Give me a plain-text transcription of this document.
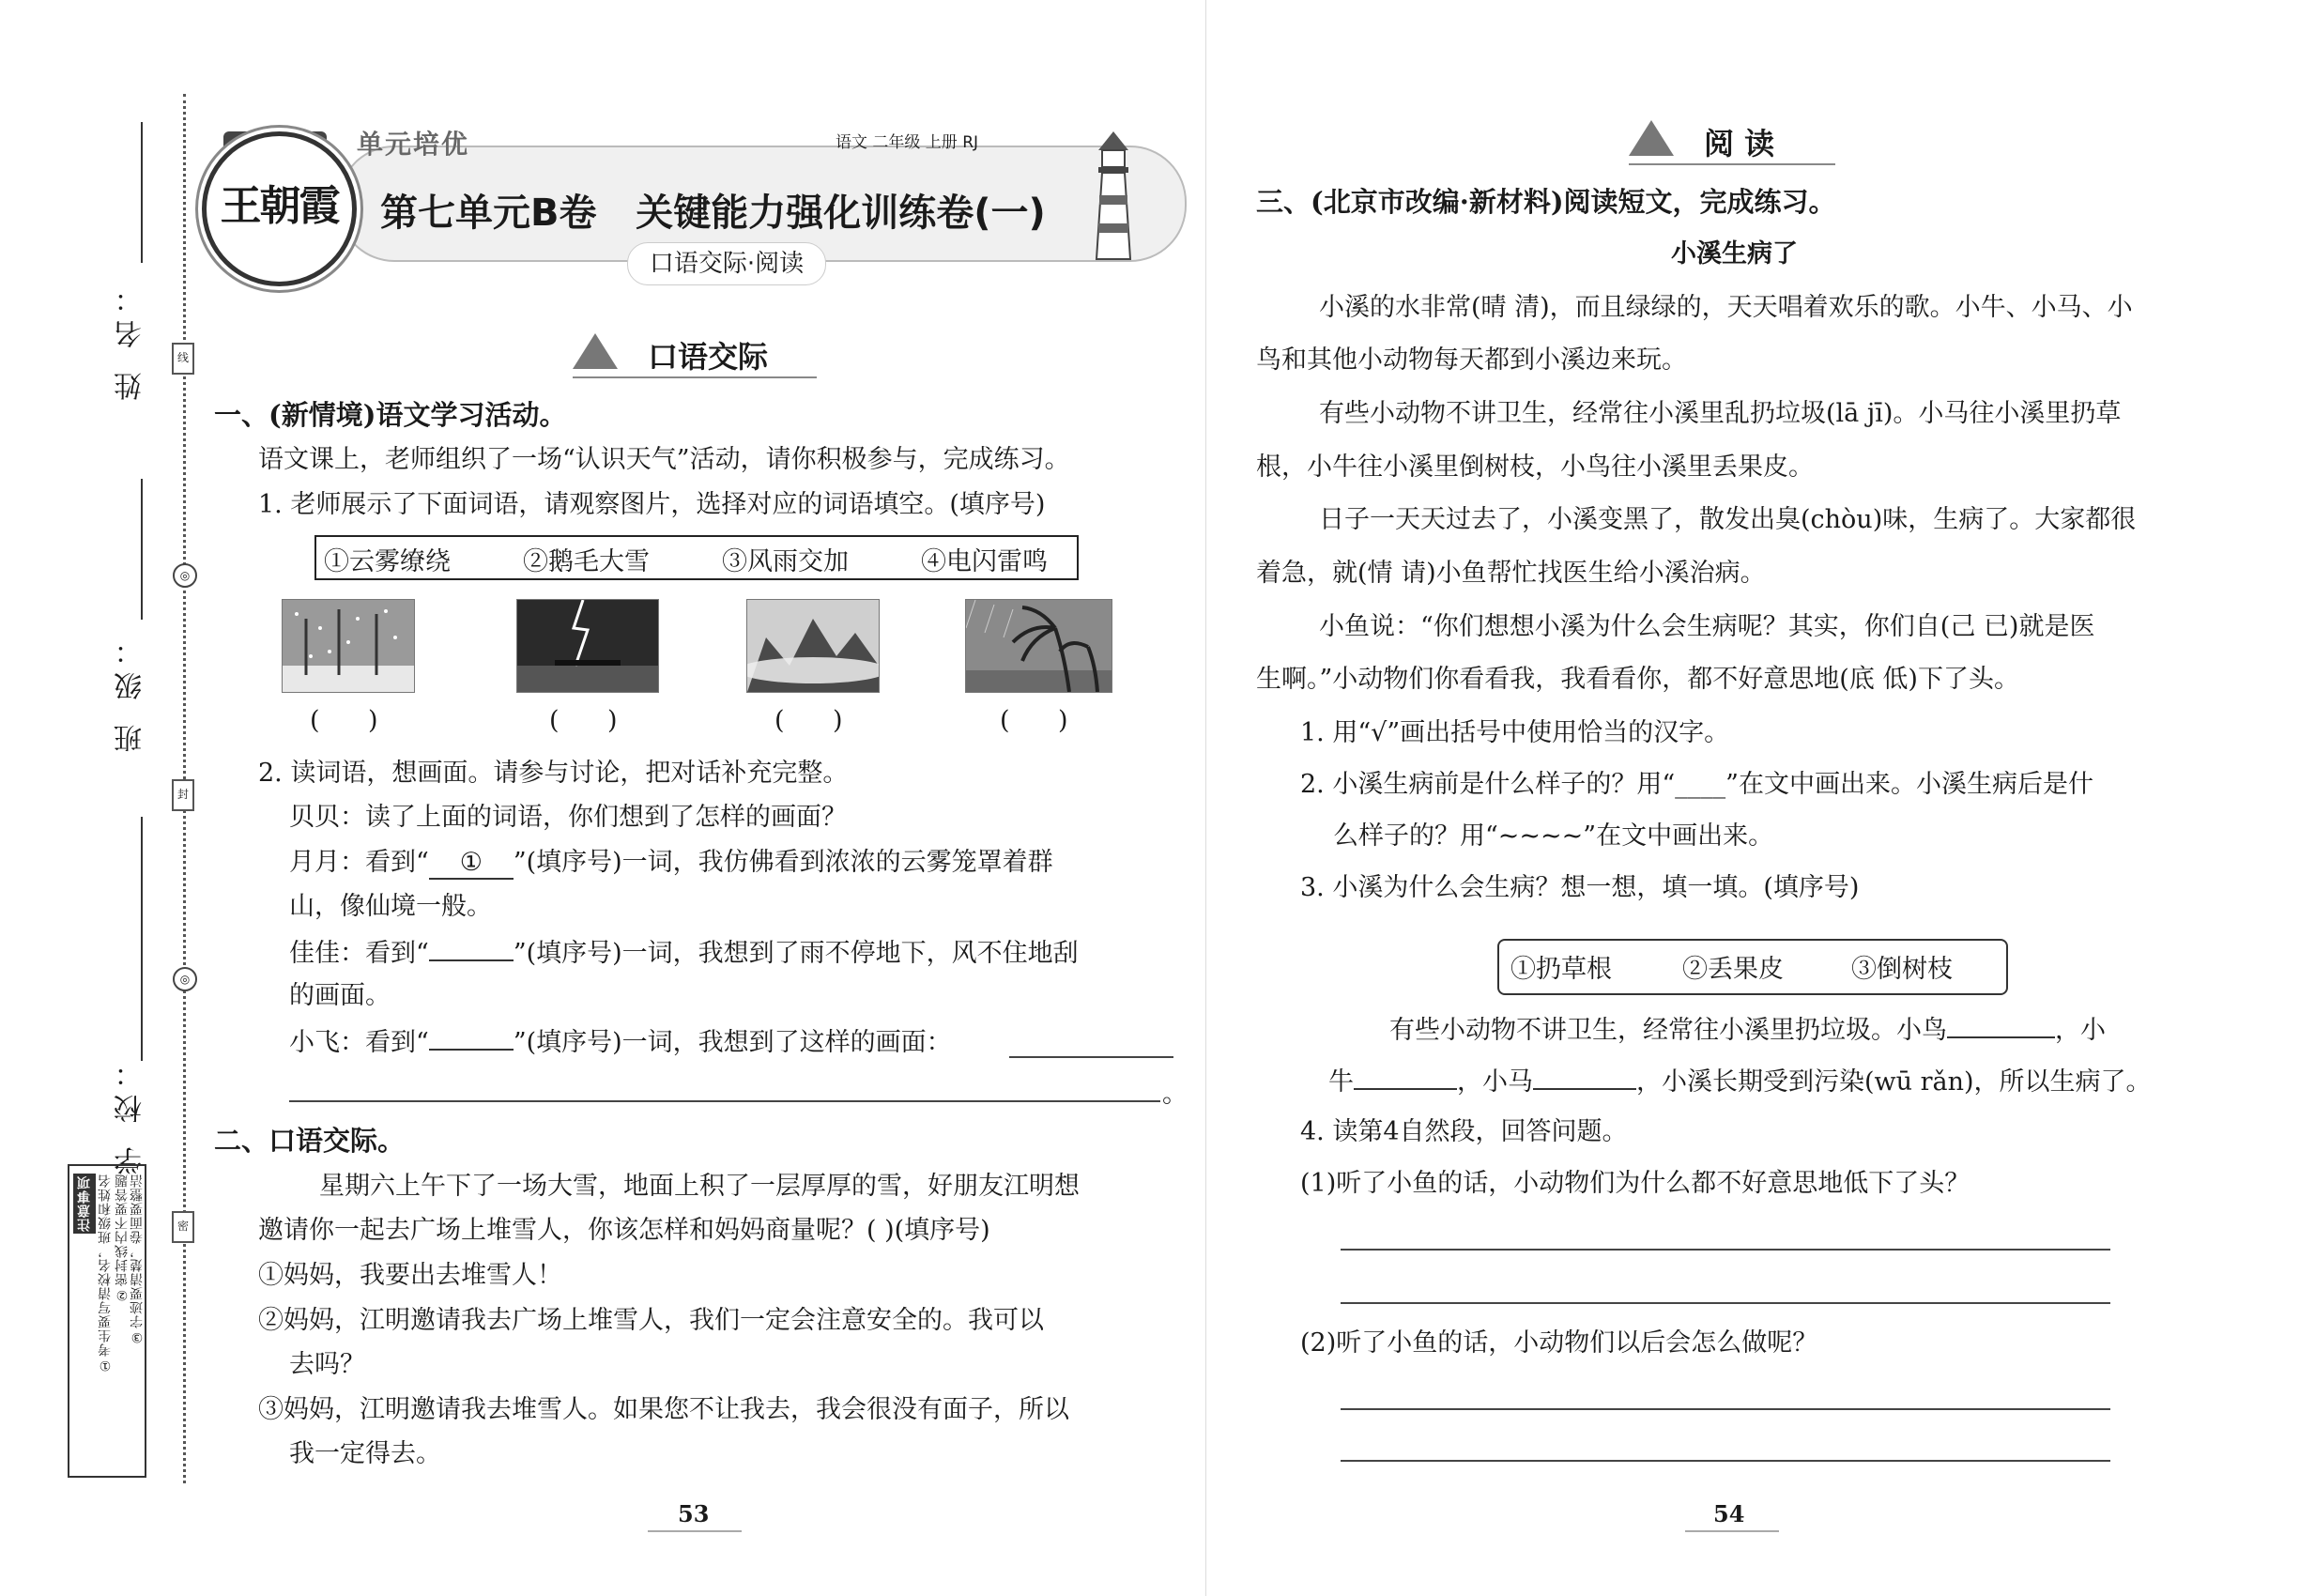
线
封
密
◎
◎
姓 名：
班 级：
学 校：
注意事项 ①考生要写清校名，班级和姓名 ②密封线内不要答题 ③字迹要清楚，卷面要整洁
王朝霞
单元培优	语文 二年级 上册 RJ
第七单元B卷   关键能力强化训练卷(一)
口语交际·阅读
口语交际
一、(新情境)语文学习活动。
语文课上，老师组织了一场“认识天气”活动，请你积极参与，完成练习。
1. 老师展示了下面词语，请观察图片，选择对应的词语填空。(填序号)
①云雾缭绕	②鹅毛大雪	③风雨交加	④电闪雷鸣
(      )	(      )	(      )	(      )
2. 读词语，想画面。请参与讨论，把对话补充完整。
贝贝：读了上面的词语，你们想到了怎样的画面？
月月：看到“ ① ”(填序号)一词，我仿佛看到浓浓的云雾笼罩着群
山，像仙境一般。
佳佳：看到“	”(填序号)一词，我想到了雨不停地下，风不住地刮
的画面。
小飞：看到“	”(填序号)一词，我想到了这样的画面：
。
二、口语交际。
星期六上午下了一场大雪，地面上积了一层厚厚的雪，好朋友江明想
邀请你一起去广场上堆雪人，你该怎样和妈妈商量呢？( )(填序号)
①妈妈，我要出去堆雪人！
②妈妈，江明邀请我去广场上堆雪人，我们一定会注意安全的。我可以
去吗？
③妈妈，江明邀请我去堆雪人。如果您不让我去，我会很没有面子，所以
我一定得去。
53
阅 读
三、(北京市改编·新材料)阅读短文，完成练习。
小溪生病了
小溪的水非常(晴 清)，而且绿绿的，天天唱着欢乐的歌。小牛、小马、小
鸟和其他小动物每天都到小溪边来玩。
有些小动物不讲卫生，经常往小溪里乱扔垃圾(lā jī)。小马往小溪里扔草
根，小牛往小溪里倒树枝，小鸟往小溪里丢果皮。
日子一天天过去了，小溪变黑了，散发出臭(chòu)味，生病了。大家都很
着急，就(情 请)小鱼帮忙找医生给小溪治病。
小鱼说：“你们想想小溪为什么会生病呢？其实，你们自(己 已)就是医
生啊。”小动物们你看看我，我看看你，都不好意思地(底 低)下了头。
1. 用“√”画出括号中使用恰当的汉字。
2. 小溪生病前是什么样子的？用“____”在文中画出来。小溪生病后是什
么样子的？用“~~~~”在文中画出来。
3. 小溪为什么会生病？想一想，填一填。(填序号)
①扔草根	②丢果皮	③倒树枝
有些小动物不讲卫生，经常往小溪里扔垃圾。小鸟	，小
牛	，小马	，小溪长期受到污染(wū rǎn)，所以生病了。
4. 读第4自然段，回答问题。
(1)听了小鱼的话，小动物们为什么都不好意思地低下了头？
(2)听了小鱼的话，小动物们以后会怎么做呢？
54
